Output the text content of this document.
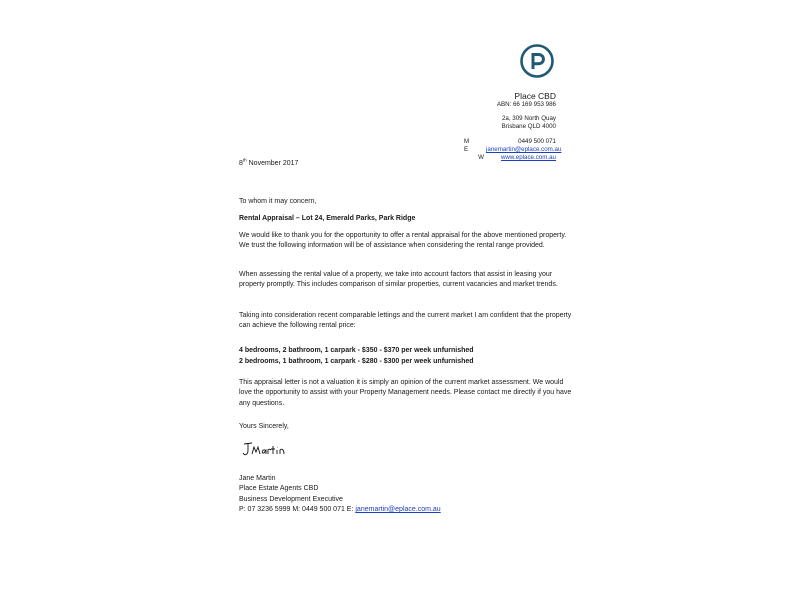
Place CBD
ABN: 66 169 953 986
2a, 309 North Quay
Brisbane QLD 4000
M	0449 500 071
E	janemartin@eplace.com.au
W	www.eplace.com.au
8th November 2017
To whom it may concern,
Rental Appraisal – Lot 24, Emerald Parks, Park Ridge
We would like to thank you for the opportunity to offer a rental appraisal for the above mentioned property. We trust the following information will be of assistance when considering the rental range provided.
When assessing the rental value of a property, we take into account factors that assist in leasing your property promptly. This includes comparison of similar properties, current vacancies and market trends.
Taking into consideration recent comparable lettings and the current market I am confident that the property can achieve the following rental price:
4 bedrooms, 2 bathroom, 1 carpark - $350 - $370 per week unfurnished
2 bedrooms, 1 bathroom, 1 carpark - $280 - $300 per week unfurnished
This appraisal letter is not a valuation it is simply an opinion of the current market assessment. We would love the opportunity to assist with your Property Management needs. Please contact me directly if you have any questions.
Yours Sincerely,
Jane Martin
Place Estate Agents CBD
Business Development Executive
P: 07 3236 5999 M: 0449 500 071 E: janemartin@eplace.com.au
